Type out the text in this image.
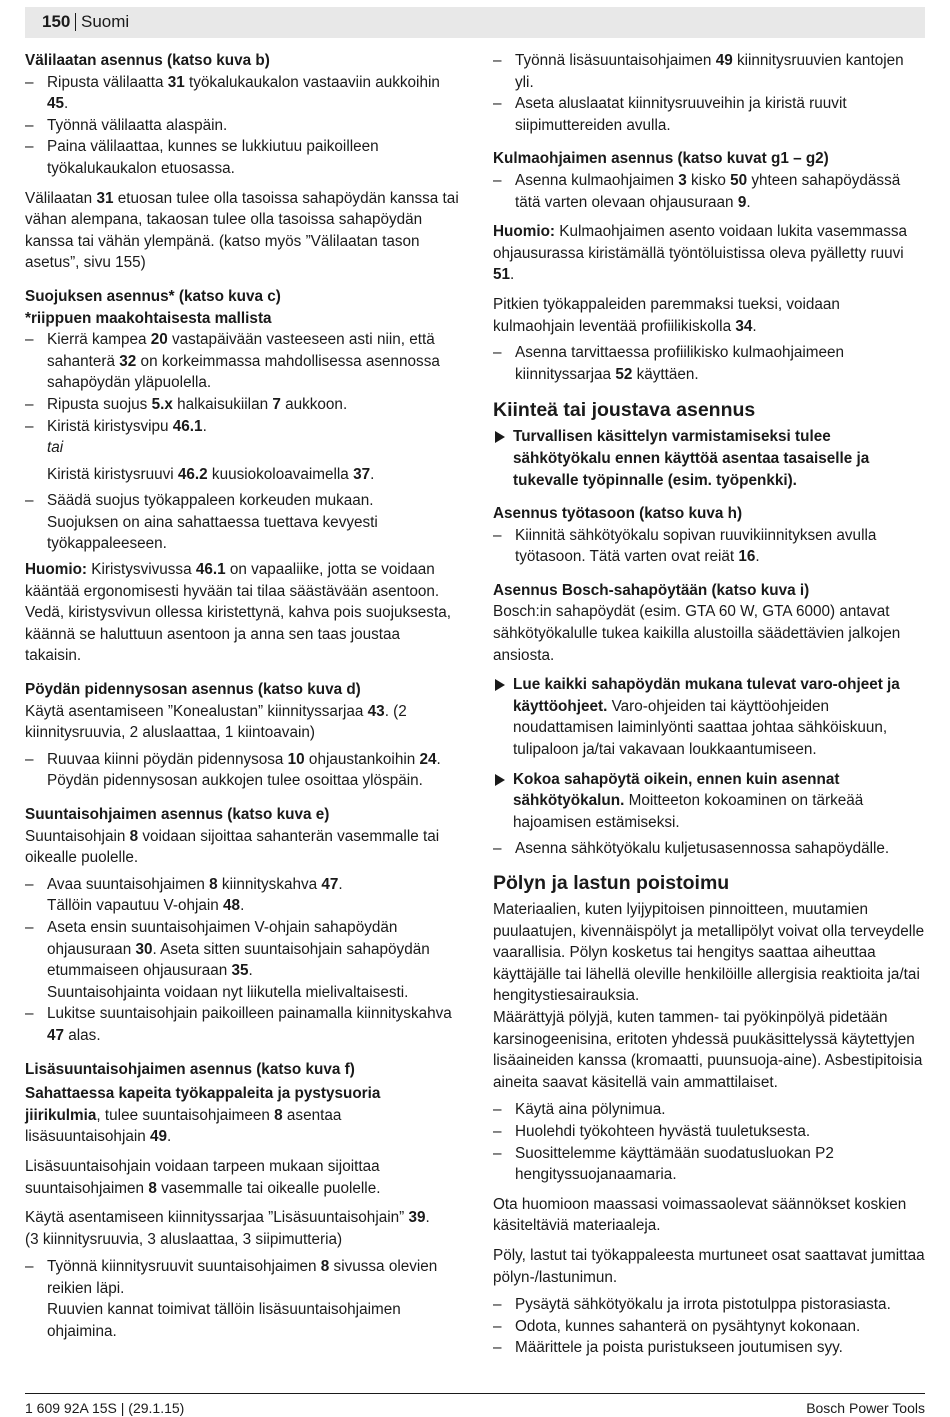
150 Suomi

Välilaatan asennus (katso kuva b)

– Ripusta välilaatta 31 työkalukaukalon vastaaviin aukkoihin 45.

– Työnnä välilaatta alaspäin.

– Paina välilaattaa, kunnes se lukkiutuu paikoilleen työkalukaukalon etuosassa.

Välilaatan 31 etuosan tulee olla tasoissa sahapöydän kanssa tai vähan alempana, takaosan tulee olla tasoissa sahapöydän kanssa tai vähän ylempänä. (katso myös ”Välilaatan tason asetus”, sivu 155)

Suojuksen asennus* (katso kuva c)

*riippuen maakohtaisesta mallista

– Kierrä kampea 20 vastapäivään vasteeseen asti niin, että sahanterä 32 on korkeimmassa mahdollisessa asennossa sahapöydän yläpuolella.

– Ripusta suojus 5.x halkaisukiilan 7 aukkoon.

– Kiristä kiristysvipu 46.1.
tai
Kiristä kiristysruuvi 46.2 kuusiokoloavaimella 37.

– Säädä suojus työkappaleen korkeuden mukaan.
Suojuksen on aina sahattaessa tuettava kevyesti työkappaleeseen.

Huomio: Kiristysvivussa 46.1 on vapaaliike, jotta se voidaan kääntää ergonomisesti hyvään tai tilaa säästävään asentoon. Vedä, kiristysvivun ollessa kiristettynä, kahva pois suojuksesta, käännä se haluttuun asentoon ja anna sen taas joustaa takaisin.

Pöydän pidennysosan asennus (katso kuva d)

Käytä asentamiseen ”Konealustan” kiinnityssarjaa 43. (2 kiinnitysruuvia, 2 aluslaattaa, 1 kiintoavain)

– Ruuvaa kiinni pöydän pidennysosa 10 ohjaustankoihin 24.
Pöydän pidennysosan aukkojen tulee osoittaa ylöspäin.

Suuntaisohjaimen asennus (katso kuva e)

Suuntaisohjain 8 voidaan sijoittaa sahanterän vasemmalle tai oikealle puolelle.

– Avaa suuntaisohjaimen 8 kiinnityskahva 47.
Tällöin vapautuu V-ohjain 48.

– Aseta ensin suuntaisohjaimen V-ohjain sahapöydän ohjausuraan 30. Aseta sitten suuntaisohjain sahapöydän etummaiseen ohjausuraan 35.
Suuntaisohjainta voidaan nyt liikutella mielivaltaisesti.

– Lukitse suuntaisohjain paikoilleen painamalla kiinnityskahva 47 alas.

Lisäsuuntaisohjaimen asennus (katso kuva f)

Sahattaessa kapeita työkappaleita ja pystysuoria jiirikulmia, tulee suuntaisohjaimeen 8 asentaa lisäsuuntaisohjain 49.

Lisäsuuntaisohjain voidaan tarpeen mukaan sijoittaa suuntaisohjaimen 8 vasemmalle tai oikealle puolelle.

Käytä asentamiseen kiinnityssarjaa ”Lisäsuuntaisohjain” 39.
(3 kiinnitysruuvia, 3 aluslaattaa, 3 siipimutteria)

– Työnnä kiinnitysruuvit suuntaisohjaimen 8 sivussa olevien reikien läpi.
Ruuvien kannat toimivat tällöin lisäsuuntaisohjaimen ohjaimina.

– Työnnä lisäsuuntaisohjaimen 49 kiinnitysruuvien kantojen yli.

– Aseta aluslaatat kiinnitysruuveihin ja kiristä ruuvit siipimuttereiden avulla.

Kulmaohjaimen asennus (katso kuvat g1 – g2)

– Asenna kulmaohjaimen 3 kisko 50 yhteen sahapöydässä tätä varten olevaan ohjausuraan 9.

Huomio: Kulmaohjaimen asento voidaan lukita vasemmassa ohjausurassa kiristämällä työntöluistissa oleva pyälletty ruuvi 51.

Pitkien työkappaleiden paremmaksi tueksi, voidaan kulmaohjain leventää profiilikiskolla 34.

– Asenna tarvittaessa profiilikisko kulmaohjaimeen kiinnityssarjaa 52 käyttäen.

Kiinteä tai joustava asennus

Turvallisen käsittelyn varmistamiseksi tulee sähkötyökalu ennen käyttöä asentaa tasaiselle ja tukevalle työpinnalle (esim. työpenkki).

Asennus työtasoon (katso kuva h)

– Kiinnitä sähkötyökalu sopivan ruuvikiinnityksen avulla työtasoon. Tätä varten ovat reiät 16.

Asennus Bosch-sahapöytään (katso kuva i)

Bosch:in sahapöydät (esim. GTA 60 W, GTA 6000) antavat sähkötyökalulle tukea kaikilla alustoilla säädettävien jalkojen ansiosta.

Lue kaikki sahapöydän mukana tulevat varo-ohjeet ja käyttöohjeet. Varo-ohjeiden tai käyttöohjeiden noudattamisen laiminlyönti saattaa johtaa sähköiskuun, tulipaloon ja/tai vakavaan loukkaantumiseen.

Kokoa sahapöytä oikein, ennen kuin asennat sähkötyökalun. Moitteeton kokoaminen on tärkeää hajoamisen estämiseksi.

– Asenna sähkötyökalu kuljetusasennossa sahapöydälle.

Pölyn ja lastun poistoimu

Materiaalien, kuten lyijypitoisen pinnoitteen, muutamien puulaatujen, kivennäispölyt ja metallipölyt voivat olla terveydelle vaarallisia. Pölyn kosketus tai hengitys saattaa aiheuttaa käyttäjälle tai lähellä oleville henkilöille allergisia reaktioita ja/tai hengitystiesairauksia.

Määrättyjä pölyjä, kuten tammen- tai pyökinpölyä pidetään karsinogeenisina, eritoten yhdessä puukäsittelyssä käytettyjen lisäaineiden kanssa (kromaatti, puunsuoja-aine). Asbestipitoisia aineita saavat käsitellä vain ammattilaiset.

– Käytä aina pölynimua.

– Huolehdi työkohteen hyvästä tuuletuksesta.

– Suosittelemme käyttämään suodatusluokan P2 hengityssuojanaamaria.

Ota huomioon maassasi voimassaolevat säännökset koskien käsiteltäviä materiaaleja.

Pöly, lastut tai työkappaleesta murtuneet osat saattavat jumittaa pölyn-/lastunimun.

– Pysäytä sähkötyökalu ja irrota pistotulppa pistorasiasta.

– Odota, kunnes sahanterä on pysähtynyt kokonaan.

– Määrittele ja poista puristukseen joutumisen syy.

1 609 92A 15S | (29.1.15)	Bosch Power Tools
